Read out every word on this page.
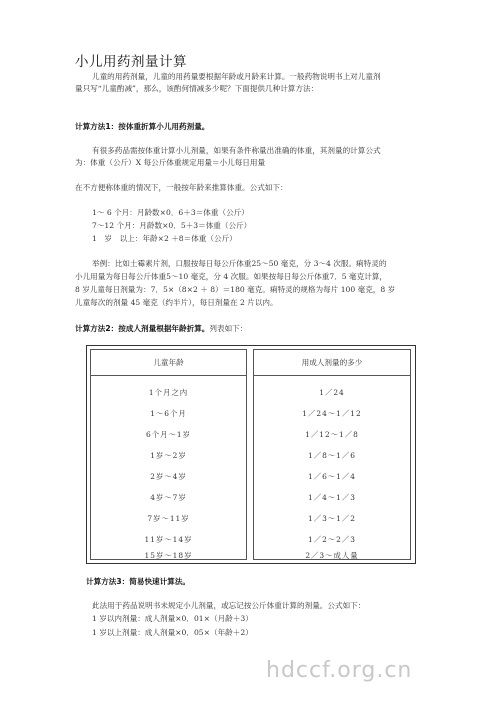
小儿用药剂量计算
儿童的用药剂量，儿童的用药量要根据年龄或月龄来计算。一般药物说明书上对儿童剂
量只写“儿童酌减”，那么，该酌何情减多少呢？下面提供几种计算方法：
计算方法1：按体重折算小儿用药剂量。
有很多药品需按体重计算小儿剂量，如果有条件称量出准确的体重，其剂量的计算公式
为：体重（公斤）X 每公斤体重规定用量＝小儿每日用量
在不方便称体重的情况下，一般按年龄来推算体重。公式如下：
1～ 6 个月：月龄数×0．6＋3＝体重（公斤）
7～12 个月：月龄数×0．5＋3＝体重（公斤）
1　岁　以上：年龄×2 ＋8＝体重（公斤）
举例：比如土霉素片剂，口服按每日每公斤体重25～50 毫克，分 3～4 次服。痢特灵的
小儿用量为每日每公斤体重5～10 毫克，分 4 次服。如果按每日每公斤体重7．5 毫克计算，
8 岁儿童每日剂量为：7．5×（8×2 ＋ 8）＝180 毫克。痢特灵的规格为每片 100 毫克，8 岁
儿童每次的剂量 45 毫克（约半片），每日剂量在 2 片以内。
计算方法2：按成人剂量根据年龄折算。列表如下：
儿童年龄
1个月之内
1～6个月
6个月～1岁
1岁～2岁
2岁～4岁
4岁～7岁
7岁～11岁
11岁～14岁
15岁～18岁
用成人剂量的多少
1／24
1／24～1／12
1／12～1／8
1／8～1／6
1／6～1／4
1／4～1／3
1／3～1／2
1／2～2／3
2／3～成人量
计算方法3：简易快速计算法。
此法用于药品说明书未规定小儿剂量，或忘记按公斤体重计算的剂量。公式如下：
1 岁以内剂量：成人剂量×0．01×（月龄＋3）
1 岁以上剂量：成人剂量×0．05×（年龄＋2）
hdccf.org.cn
